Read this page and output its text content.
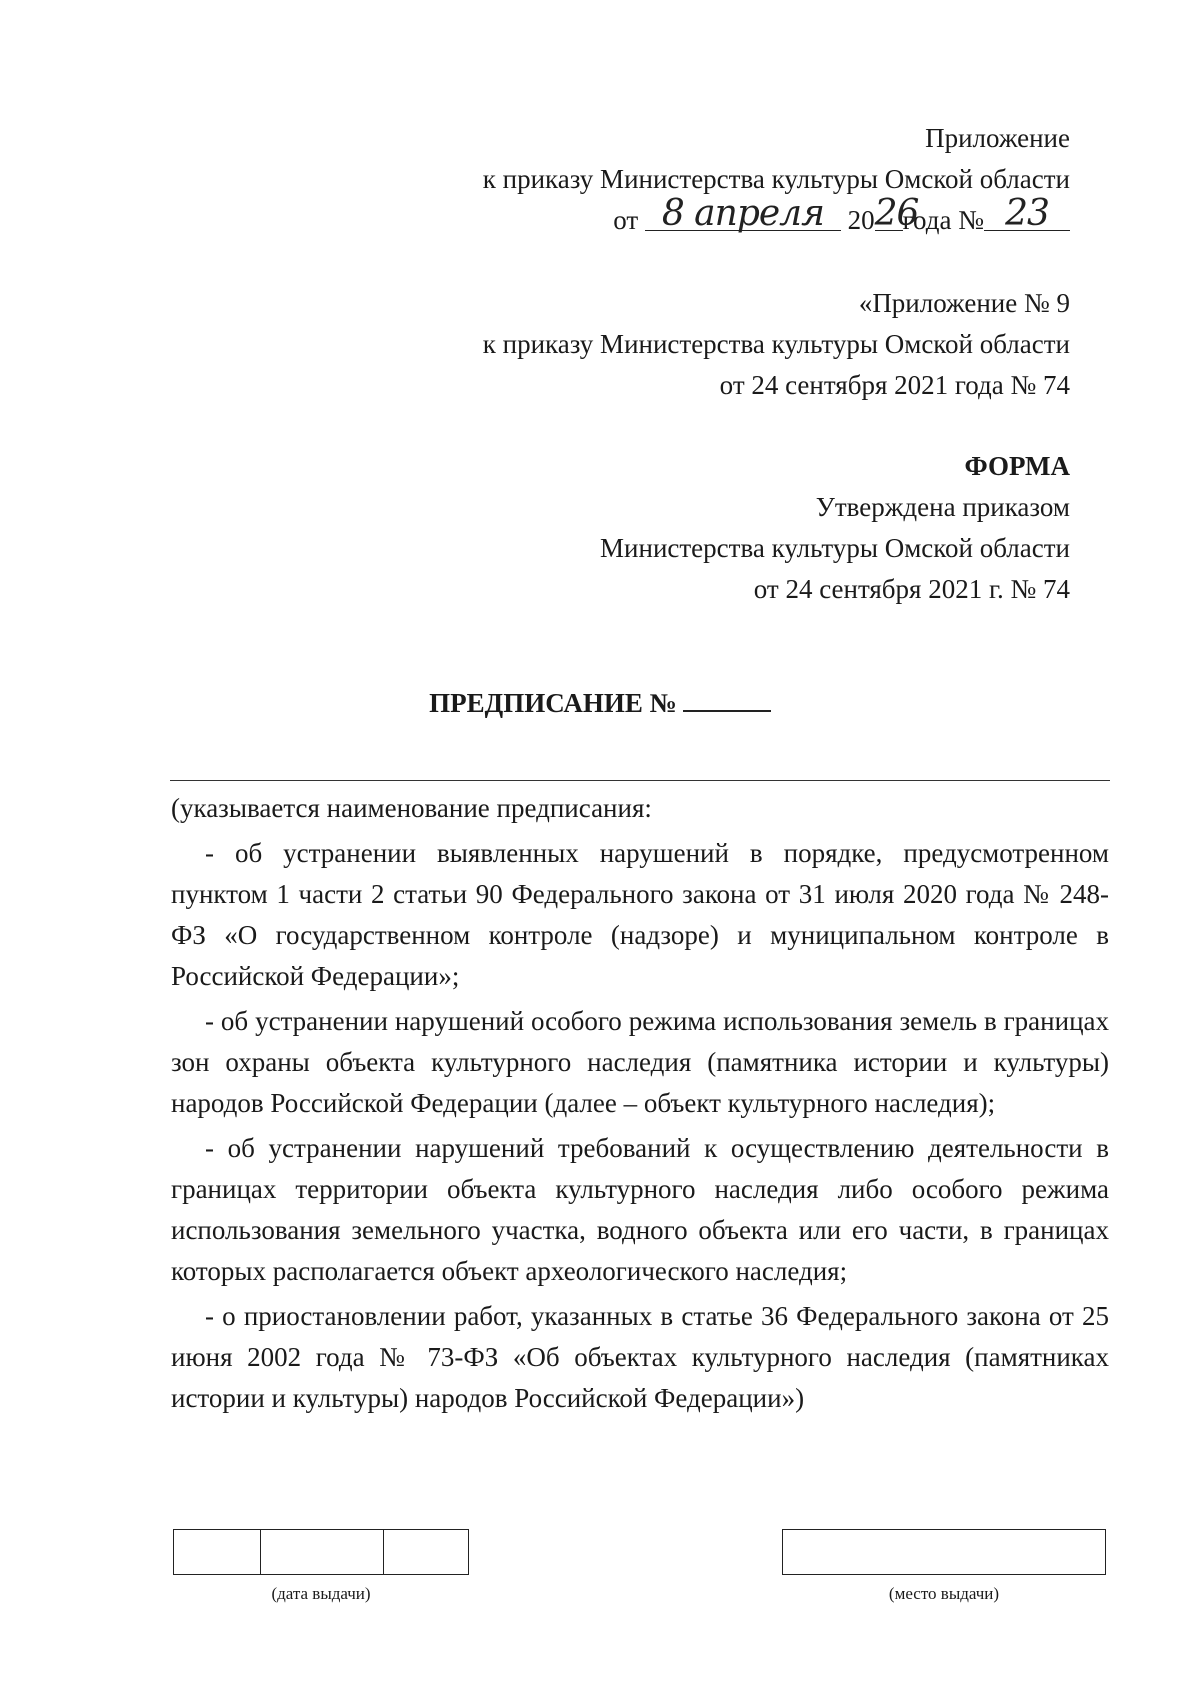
Приложение
к приказу Министерства культуры Омской области
от 8 апреля 2026года № 23
«Приложение № 9
к приказу Министерства культуры Омской области
от 24 сентября 2021 года № 74
ФОРМА
Утверждена приказом
Министерства культуры Омской области
от 24 сентября 2021 г. № 74
ПРЕДПИСАНИЕ №

(указывается наименование предписания:

- об устранении выявленных нарушений в порядке, предусмотренном пунктом 1 части 2 статьи 90 Федерального закона от 31 июля 2020 года № 248-ФЗ «О государственном контроле (надзоре) и муниципальном контроле в Российской Федерации»;

- об устранении нарушений особого режима использования земель в границах зон охраны объекта культурного наследия (памятника истории и культуры) народов Российской Федерации (далее – объект культурного наследия);

- об устранении нарушений требований к осуществлению деятельности в границах территории объекта культурного наследия либо особого режима использования земельного участка, водного объекта или его части, в границах которых располагается объект археологического наследия;

- о приостановлении работ, указанных в статье 36 Федерального закона от 25 июня 2002 года № 73-ФЗ «Об объектах культурного наследия (памятниках истории и культуры) народов Российской Федерации»)

(дата выдачи)	(место выдачи)
